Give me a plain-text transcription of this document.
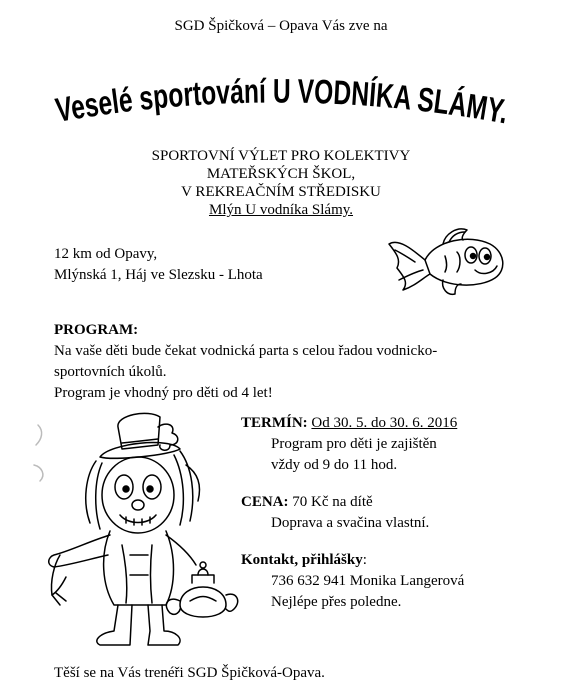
SGD Špičková – Opava Vás zve na
Veselé sportování U VODNÍKA SLÁMY.
SPORTOVNÍ VÝLET PRO KOLEKTIVY
MATEŘSKÝCH ŠKOL,
V REKREAČNÍM STŘEDISKU
Mlýn U vodníka Slámy.
12 km od Opavy,
Mlýnská 1, Háj ve Slezsku - Lhota
PROGRAM:
Na vaše děti bude čekat vodnická parta s celou řadou vodnicko-
sportovních úkolů.
Program je vhodný pro děti od 4 let!
TERMÍN: Od 30. 5. do 30. 6. 2016
Program pro děti je zajištěn
vždy od 9 do 11 hod.
CENA: 70 Kč na dítě
Doprava a svačina vlastní.
Kontakt, přihlášky:
736 632 941 Monika Langerová
Nejlépe přes poledne.
Těší se na Vás trenéři SGD Špičková-Opava.
